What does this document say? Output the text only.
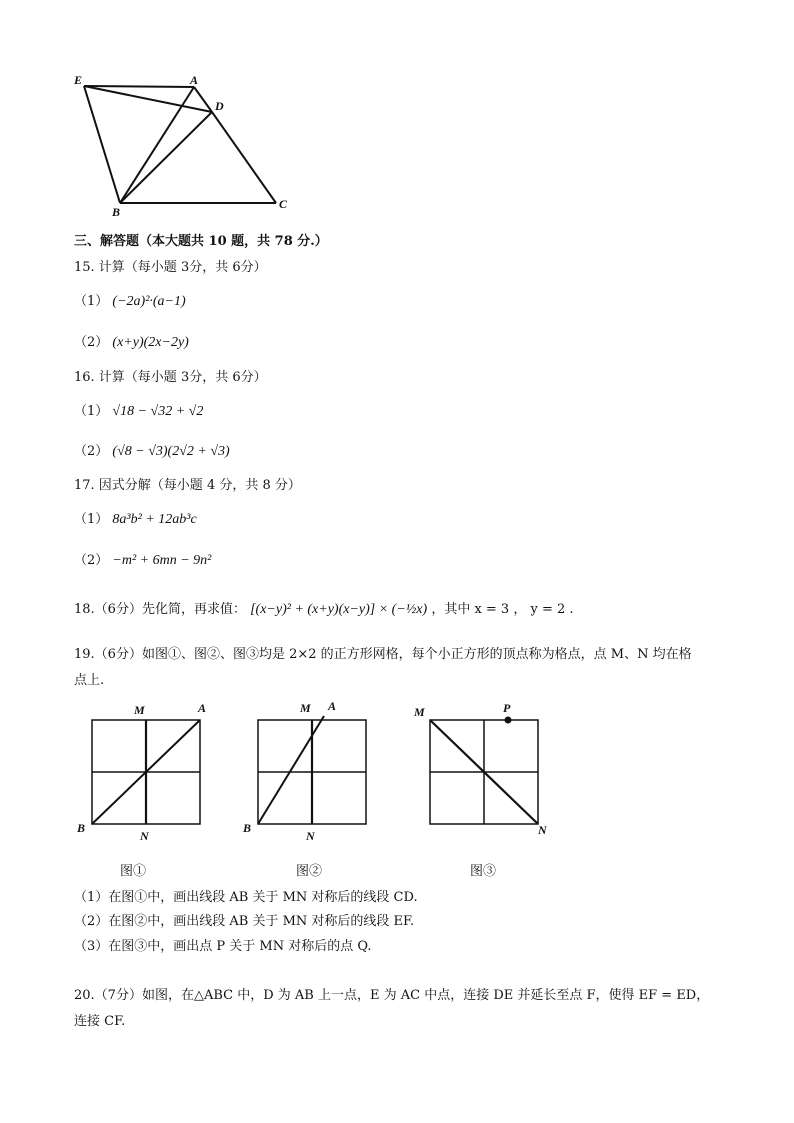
E	A
D
B
C
三、解答题（本大题共 10 题，共 78 分.）
15. 计算（每小题 3分，共 6分）
（1） (−2a)²·(a−1)
（2） (x+y)(2x−2y)
16. 计算（每小题 3分，共 6分）
（1） √18 − √32 + √2
（2） (√8 − √3)(2√2 + √3)
17. 因式分解（每小题 4 分，共 8 分）
（1） 8a³b² + 12ab³c
（2） −m² + 6mn − 9n²
18.（6分）先化简，再求值： [(x−y)² + (x+y)(x−y)] × (−½x) ，其中 x = 3 ， y = 2 .
19.（6分）如图①、图②、图③均是 2×2 的正方形网格，每个小正方形的顶点称为格点，点 M、N 均在格
点上.
M	A
B
N
M A
B
N
M	P
N
图①	图②	图③
（1）在图①中，画出线段 AB 关于 MN 对称后的线段 CD.
（2）在图②中，画出线段 AB 关于 MN 对称后的线段 EF.
（3）在图③中，画出点 P 关于 MN 对称后的点 Q.
20.（7分）如图，在△ABC 中，D 为 AB 上一点，E 为 AC 中点，连接 DE 并延长至点 F，使得 EF = ED，
连接 CF.
